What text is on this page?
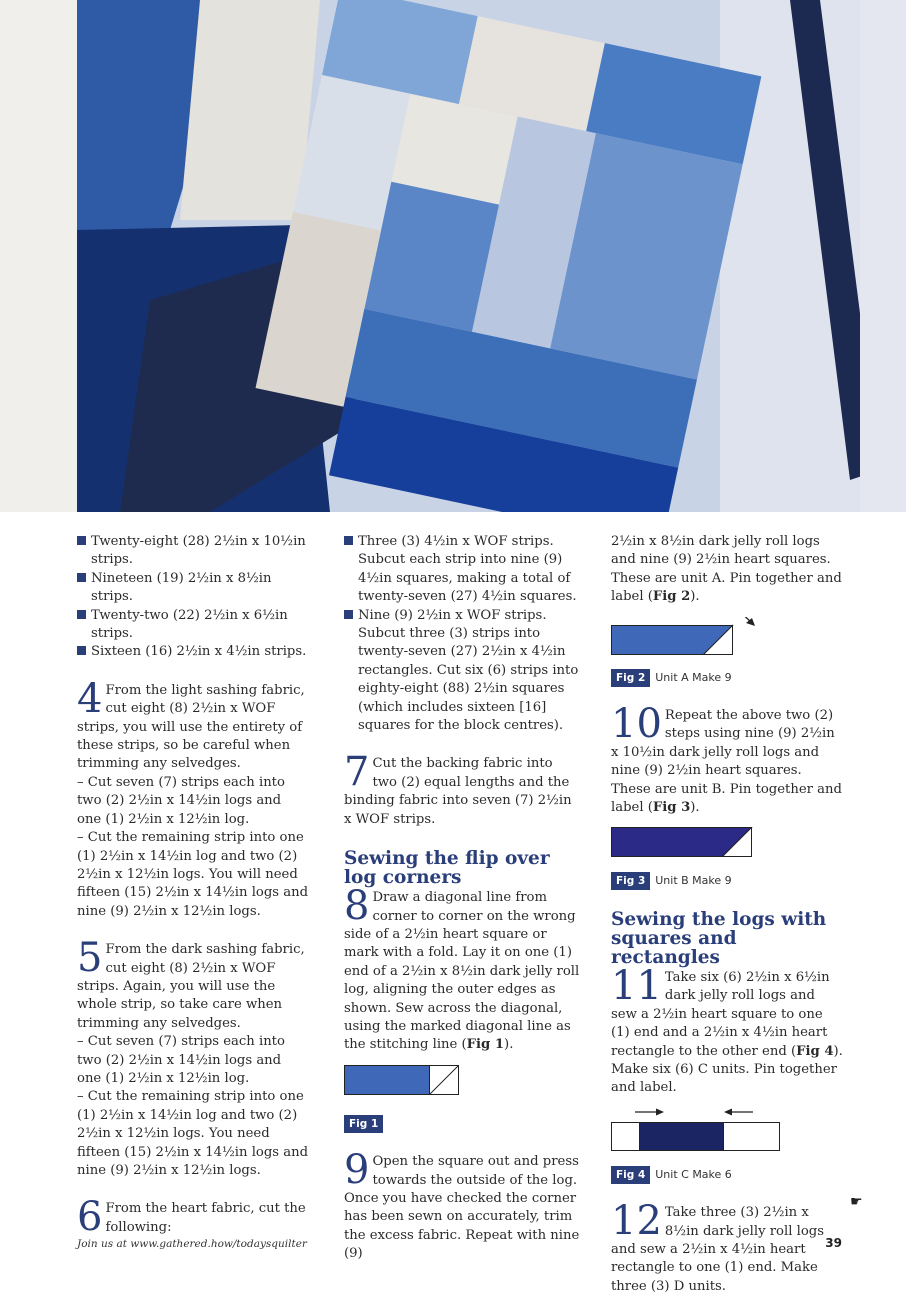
Twenty-eight (28) 2½in x 10½in strips.

Nineteen (19) 2½in x 8½in strips.

Twenty-two (22) 2½in x 6½in strips.

Sixteen (16) 2½in x 4½in strips.

4 From the light sashing fabric, cut eight (8) 2½in x WOF strips, you will use the entirety of these strips, so be careful when trimming any selvedges.

– Cut seven (7) strips each into two (2) 2½in x 14½in logs and one (1) 2½in x 12½in log.

– Cut the remaining strip into one (1) 2½in x 14½in log and two (2) 2½in x 12½in logs. You will need fifteen (15) 2½in x 14½in logs and nine (9) 2½in x 12½in logs.

5 From the dark sashing fabric, cut eight (8) 2½in x WOF strips. Again, you will use the whole strip, so take care when trimming any selvedges.

– Cut seven (7) strips each into two (2) 2½in x 14½in logs and one (1) 2½in x 12½in log.

– Cut the remaining strip into one (1) 2½in x 14½in log and two (2) 2½in x 12½in logs. You need fifteen (15) 2½in x 14½in logs and nine (9) 2½in x 12½in logs.

6 From the heart fabric, cut the following:

Three (3) 4½in x WOF strips. Subcut each strip into nine (9) 4½in squares, making a total of twenty-seven (27) 4½in squares.

Nine (9) 2½in x WOF strips. Subcut three (3) strips into twenty-seven (27) 2½in x 4½in rectangles. Cut six (6) strips into eighty-eight (88) 2½in squares (which includes sixteen [16] squares for the block centres).

7 Cut the backing fabric into two (2) equal lengths and the binding fabric into seven (7) 2½in x WOF strips.

Sewing the flip over log corners

8 Draw a diagonal line from corner to corner on the wrong side of a 2½in heart square or mark with a fold. Lay it on one (1) end of a 2½in x 8½in dark jelly roll log, aligning the outer edges as shown. Sew across the diagonal, using the marked diagonal line as the stitching line (Fig 1).

Fig 1

9 Open the square out and press towards the outside of the log. Once you have checked the corner has been sewn on accurately, trim the excess fabric. Repeat with nine (9)

2½in x 8½in dark jelly roll logs and nine (9) 2½in heart squares. These are unit A. Pin together and label (Fig 2).

Fig 2 Unit A Make 9

10 Repeat the above two (2) steps using nine (9) 2½in x 10½in dark jelly roll logs and nine (9) 2½in heart squares. These are unit B. Pin together and label (Fig 3).

Fig 3 Unit B Make 9
Sewing the logs with squares and rectangles

11 Take six (6) 2½in x 6½in dark jelly roll logs and sew a 2½in heart square to one (1) end and a 2½in x 4½in heart rectangle to the other end (Fig 4). Make six (6) C units. Pin together and label.

Fig 4 Unit C Make 6

12 Take three (3) 2½in x 8½in dark jelly roll logs and sew a 2½in x 4½in heart rectangle to one (1) end. Make three (3) D units.

☛
Join us at www.gathered.how/todaysquilter	39
